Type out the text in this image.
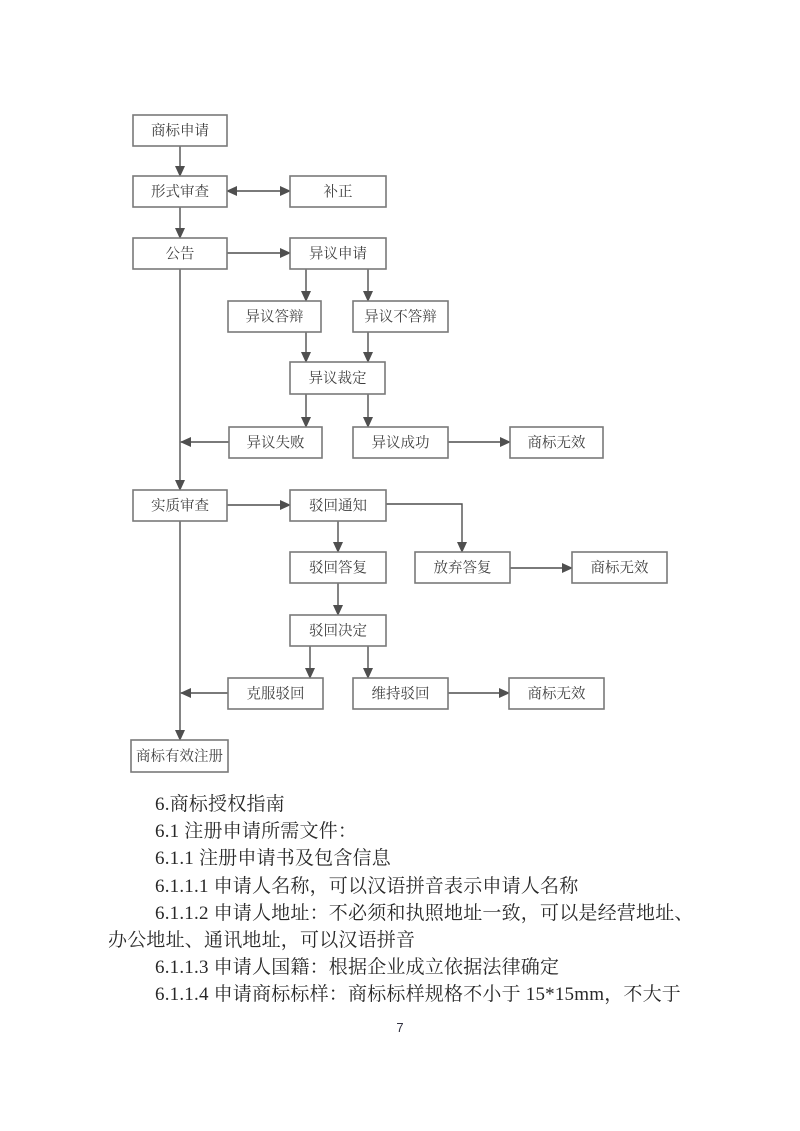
商标申请
形式审查	补正
公告	异议申请
异议答辩	异议不答辩
异议裁定
异议失败	异议成功	商标无效
实质审查	驳回通知
驳回答复	放弃答复	商标无效
驳回决定
克服驳回	维持驳回	商标无效
商标有效注册
6.商标授权指南
6.1 注册申请所需文件：
6.1.1 注册申请书及包含信息
6.1.1.1 申请人名称，可以汉语拼音表示申请人名称
6.1.1.2 申请人地址：不必须和执照地址一致，可以是经营地址、
办公地址、通讯地址，可以汉语拼音
6.1.1.3 申请人国籍：根据企业成立依据法律确定
6.1.1.4 申请商标标样：商标标样规格不小于 15*15mm，不大于
7
